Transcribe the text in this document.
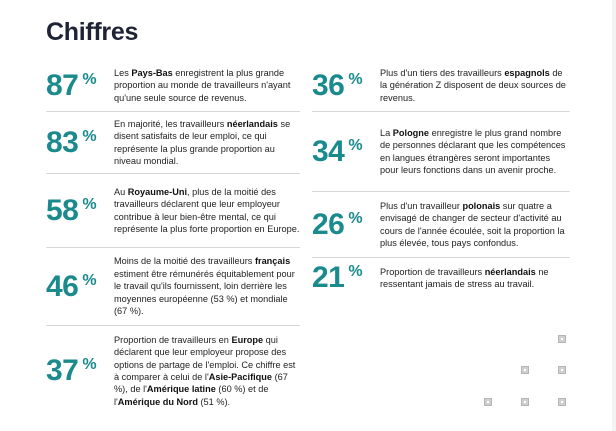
Chiffres
87 % Les Pays-Bas enregistrent la plus grande proportion au monde de travailleurs n'ayant qu'une seule source de revenus.
83 %
En majorité, les travailleurs néerlandais se disent satisfaits de leur emploi, ce qui représente la plus grande proportion au niveau mondial.
58 %
Au Royaume-Uni, plus de la moitié des travailleurs déclarent que leur employeur contribue à leur bien-être mental, ce qui représente la plus forte proportion en Europe.
46 %
Moins de la moitié des travailleurs français estiment être rémunérés équitablement pour le travail qu'ils fournissent, loin derrière les moyennes européenne (53 %) et mondiale (67 %).
37 %
Proportion de travailleurs en Europe qui déclarent que leur employeur propose des options de partage de l'emploi. Ce chiffre est à comparer à celui de l'Asie-Pacifique (67 %), de l'Amérique latine (60 %) et de l'Amérique du Nord (51 %).
36 % Plus d'un tiers des travailleurs espagnols de la génération Z disposent de deux sources de revenus.
34 %
La Pologne enregistre le plus grand nombre de personnes déclarant que les compétences en langues étrangères seront importantes pour leurs fonctions dans un avenir proche.
26 %
Plus d'un travailleur polonais sur quatre a envisagé de changer de secteur d'activité au cours de l'année écoulée, soit la proportion la plus élevée, tous pays confondus.
21 % Proportion de travailleurs néerlandais ne ressentant jamais de stress au travail.
